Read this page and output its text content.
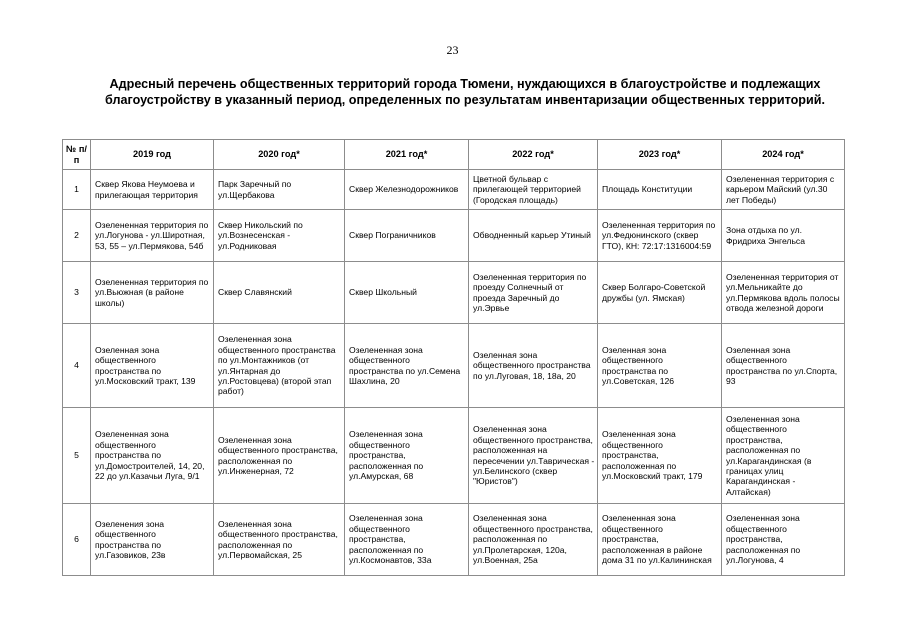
23
Адресный перечень общественных территорий города Тюмени, нуждающихся в благоустройстве и подлежащих благоустройству в указанный период, определенных по результатам инвентаризации общественных территорий.
№ п/п	2019 год	2020 год*	2021 год*	2022 год*	2023 год*	2024 год*
1	Сквер Якова Неумоева и прилегающая территория	Парк Заречный по ул.Щербакова	Сквер Железнодорожников	Цветной бульвар с прилегающей территорией (Городская площадь)	Площадь Конституции	Озелененная территория с карьером Майский (ул.30 лет Победы)
2	Озелененная территория по ул.Логунова - ул.Широтная, 53, 55 – ул.Пермякова, 54б	Сквер Никольский по ул.Вознесенская - ул.Родниковая	Сквер Пограничников	Обводненный карьер Утиный	Озелененная территория по ул.Федюнинского (сквер ГТО), КН: 72:17:1316004:59	Зона отдыха по ул. Фридриха Энгельса
3	Озелененная территория по ул.Вьюжная (в районе школы)	Сквер Славянский	Сквер Школьный	Озелененная территория по проезду Солнечный от проезда Заречный до ул.Эрвье	Сквер Болгаро-Советской дружбы (ул. Ямская)	Озелененная территория от ул.Мельникайте до ул.Пермякова вдоль полосы отвода железной дороги
4	Озеленная зона общественного пространства по ул.Московский тракт, 139	Озелененная зона общественного пространства по ул.Монтажников (от ул.Янтарная до ул.Ростовцева) (второй этап работ)	Озелененная зона общественного пространства по ул.Семена Шахлина, 20	Озеленная зона общественного пространства по ул.Луговая, 18, 18а, 20	Озеленная зона общественного пространства по ул.Советская, 126	Озеленная зона общественного пространства по ул.Спорта, 93
5	Озелененная зона общественного пространства по ул.Домостроителей, 14, 20, 22 до ул.Казачьи Луга, 9/1	Озелененная зона общественного пространства, расположенная по ул.Инженерная, 72	Озелененная зона общественного пространства, расположенная по ул.Амурская, 68	Озелененная зона общественного пространства, расположенная на пересечении ул.Таврическая - ул.Белинского (сквер "Юристов")	Озелененная зона общественного пространства, расположенная по ул.Московский тракт, 179	Озелененная зона общественного пространства, расположенная по ул.Карагандинская (в границах улиц Карагандинская - Алтайская)
6	Озеленения зона общественного пространства по ул.Газовиков, 23в	Озелененная зона общественного пространства, расположенная по ул.Первомайская, 25	Озелененная зона общественного пространства, расположенная по ул.Космонавтов, 33а	Озелененная зона общественного пространства, расположенная по ул.Пролетарская, 120а, ул.Военная, 25а	Озелененная зона общественного пространства, расположенная в районе дома 31 по ул.Калининская	Озелененная зона общественного пространства, расположенная по ул.Логунова, 4
